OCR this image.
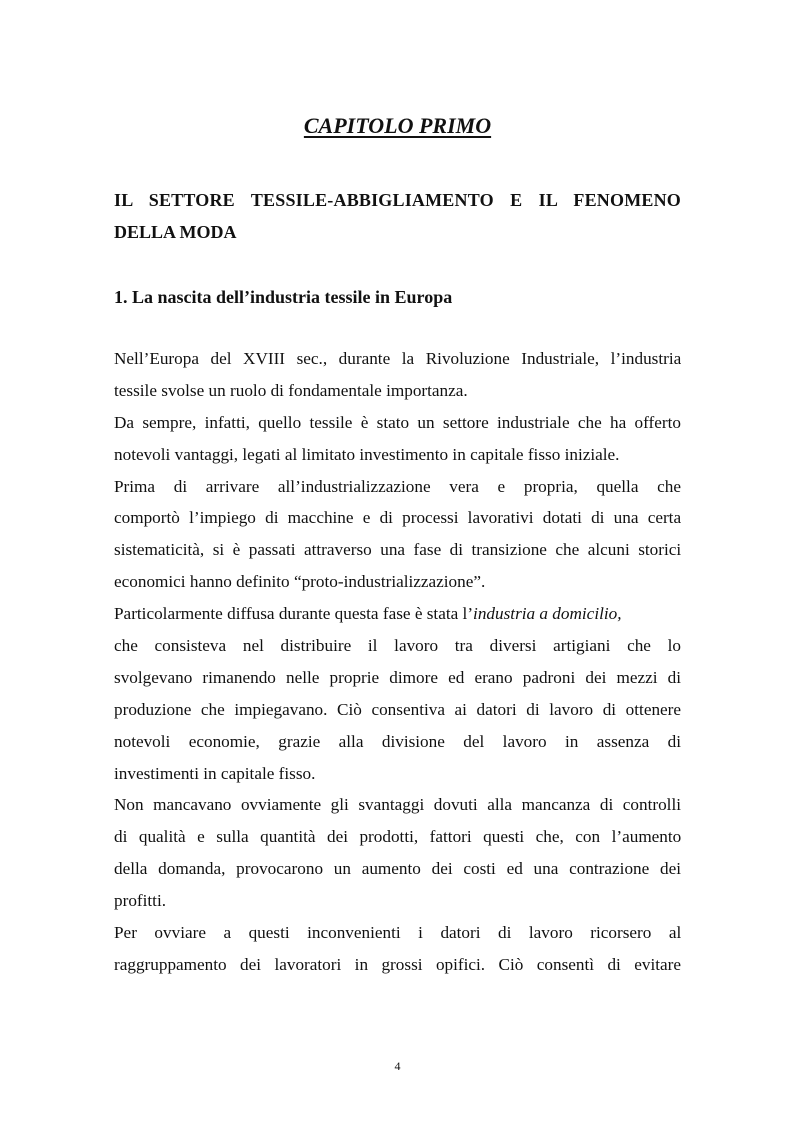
CAPITOLO PRIMO
IL SETTORE TESSILE-ABBIGLIAMENTO E IL FENOMENO
DELLA MODA
1. La nascita dell’industria tessile in Europa
Nell’Europa del XVIII sec., durante la Rivoluzione Industriale, l’industria
tessile svolse un ruolo di fondamentale importanza.
Da sempre, infatti, quello tessile è stato un settore industriale che ha offerto
notevoli vantaggi, legati al limitato investimento in capitale fisso iniziale.
Prima di arrivare all’industrializzazione vera e propria, quella che
comportò l’impiego di macchine e di processi lavorativi dotati di una certa
sistematicità, si è passati attraverso una fase di transizione che alcuni storici
economici hanno definito “proto-industrializzazione”.
Particolarmente diffusa durante questa fase è stata l’industria a domicilio,
che consisteva nel distribuire il lavoro tra diversi artigiani che lo
svolgevano rimanendo nelle proprie dimore ed erano padroni dei mezzi di
produzione che impiegavano. Ciò consentiva ai datori di lavoro di ottenere
notevoli economie, grazie alla divisione del lavoro in assenza di
investimenti in capitale fisso.
Non mancavano ovviamente gli svantaggi dovuti alla mancanza di controlli
di qualità e sulla quantità dei prodotti, fattori questi che, con l’aumento
della domanda, provocarono un aumento dei costi ed una contrazione dei
profitti.
Per ovviare a questi inconvenienti i datori di lavoro ricorsero al
raggruppamento dei lavoratori in grossi opifici. Ciò consentì di evitare

4
